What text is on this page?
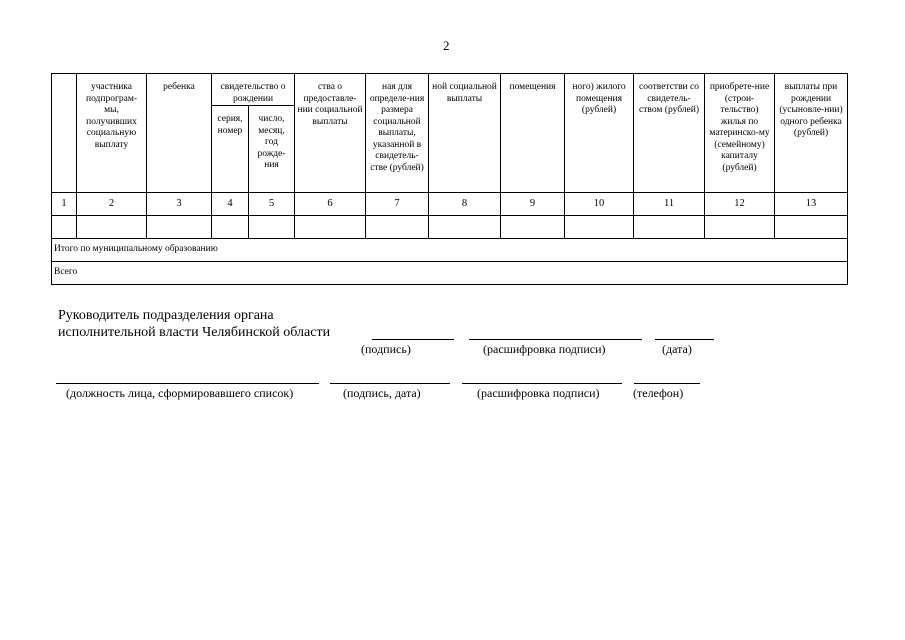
2
	участника подпрограм-мы, получивших социальную выплату	ребенка	свидетельство о рождении		ства о предоставле-нии социальной выплаты	ная для определе-ния размера социальной выплаты, указанной в свидетель-стве (рублей)	ной социальной выплаты	помещения	ного) жилого помещения (рублей)	соответстви со свидетель-ством (рублей)	приобрете-ние (строи-тельство) жилья по материнско-му (семейному) капиталу (рублей)	выплаты при рождении (усыновле-нии) одного ребенка (рублей)
			серия, номер	число, месяц, год рожде-ния								
1	2	3	4	5	6	7	8	9	10	11	12	13

Итого по муниципальному образованию												
Всего												
Руководитель подразделения органа
исполнительной власти Челябинской области
(подпись)	(расшифровка подписи)	(дата)
(должность лица, сформировавшего список)	(подпись, дата)	(расшифровка подписи)	(телефон)
